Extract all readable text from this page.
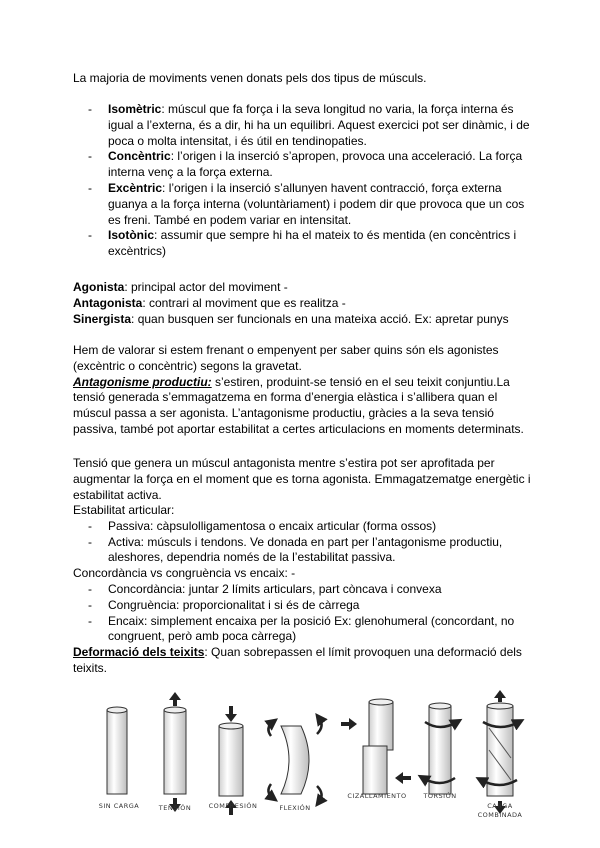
La majoria de moviments venen donats pels dos tipus de músculs.

- Isomètric: múscul que fa força i la seva longitud no varia, la força interna és igual a l’externa, és a dir, hi ha un equilibri. Aquest exercici pot ser dinàmic, i de poca o molta intensitat, i és útil en tendinopaties.
- Concèntric: l’origen i la inserció s’apropen, provoca una acceleració. La força interna venç a la força externa.
- Excèntric: l’origen i la inserció s’allunyen havent contracció, força externa guanya a la força interna (voluntàriament) i podem dir que provoca que un cos es freni. També en podem variar en intensitat.
- Isotònic: assumir que sempre hi ha el mateix to és mentida (en concèntrics i excèntrics)

Agonista: principal actor del moviment -

Antagonista: contrari al moviment que es realitza -

Sinergista: quan busquen ser funcionals en una mateixa acció. Ex: apretar punys

Hem de valorar si estem frenant o empenyent per saber quins són els agonistes (excèntric o concèntric) segons la gravetat.

Antagonisme productiu: s’estiren, produint-se tensió en el seu teixit conjuntiu.La tensió generada s’emmagatzema en forma d’energia elàstica i s’allibera quan el múscul passa a ser agonista. L’antagonisme productiu, gràcies a la seva tensió passiva, també pot aportar estabilitat a certes articulacions en moments determinats.

Tensió que genera un múscul antagonista mentre s’estira pot ser aprofitada per augmentar la força en el moment que es torna agonista. Emmagatzematge energètic i estabilitat activa.

Estabilitat articular:

- Passiva: càpsulolligamentosa o encaix articular (forma ossos)
- Activa: músculs i tendons. Ve donada en part per l’antagonisme productiu, aleshores, dependria només de la l’estabilitat passiva.

Concordància vs congruència vs encaix: -

- Concordància: juntar 2 límits articulars, part còncava i convexa
- Congruència: proporcionalitat i si és de càrrega
- Encaix: simplement encaixa per la posició Ex: glenohumeral (concordant, no congruent, però amb poca càrrega)

Deformació dels teixits: Quan sobrepassen el límit provoquen una deformació dels teixits.

SIN CARGA	TENSIÓN	COMPRESIÓN	FLEXIÓN
CIZALLAMIENTO	TORSIÓN
CARGA
COMBINADA
